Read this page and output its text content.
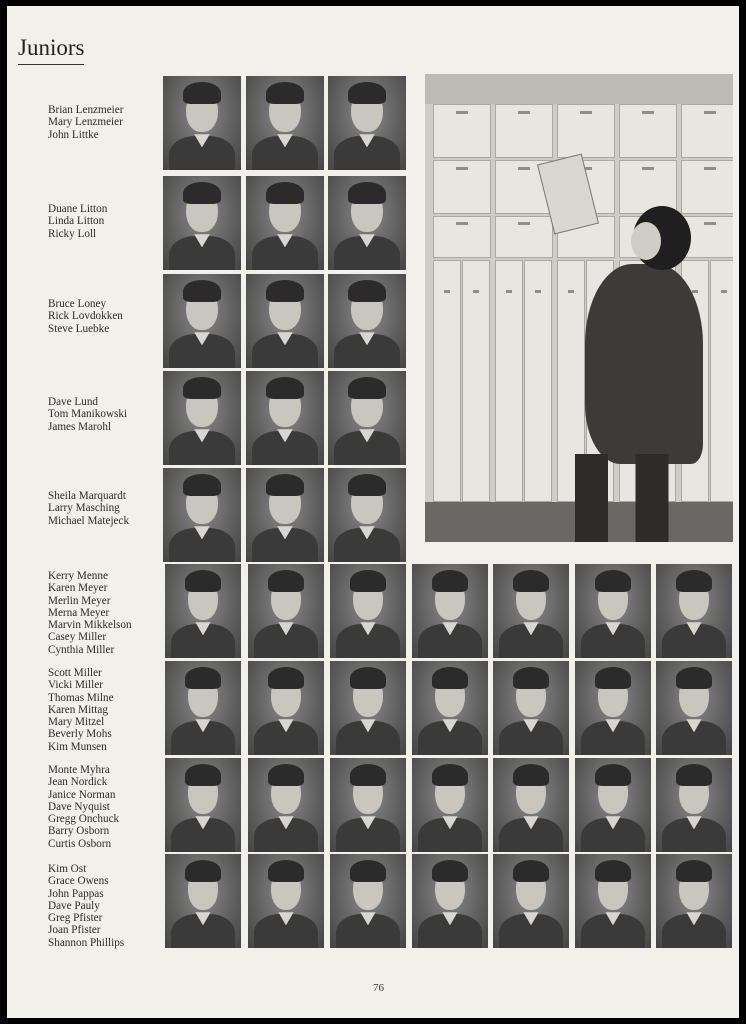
Juniors
Brian Lenzmeier
Mary Lenzmeier
John Littke
Duane Litton
Linda Litton
Ricky Loll
Bruce Loney
Rick Lovdokken
Steve Luebke
Dave Lund
Tom Manikowski
James Marohl
Sheila Marquardt
Larry Masching
Michael Matejeck
Kerry Menne
Karen Meyer
Merlin Meyer
Merna Meyer
Marvin Mikkelson
Casey Miller
Cynthia Miller
Scott Miller
Vicki Miller
Thomas Milne
Karen Mittag
Mary Mitzel
Beverly Mohs
Kim Munsen
Monte Myhra
Jean Nordick
Janice Norman
Dave Nyquist
Gregg Onchuck
Barry Osborn
Curtis Osborn
Kim Ost
Grace Owens
John Pappas
Dave Pauly
Greg Pfister
Joan Pfister
Shannon Phillips
76
